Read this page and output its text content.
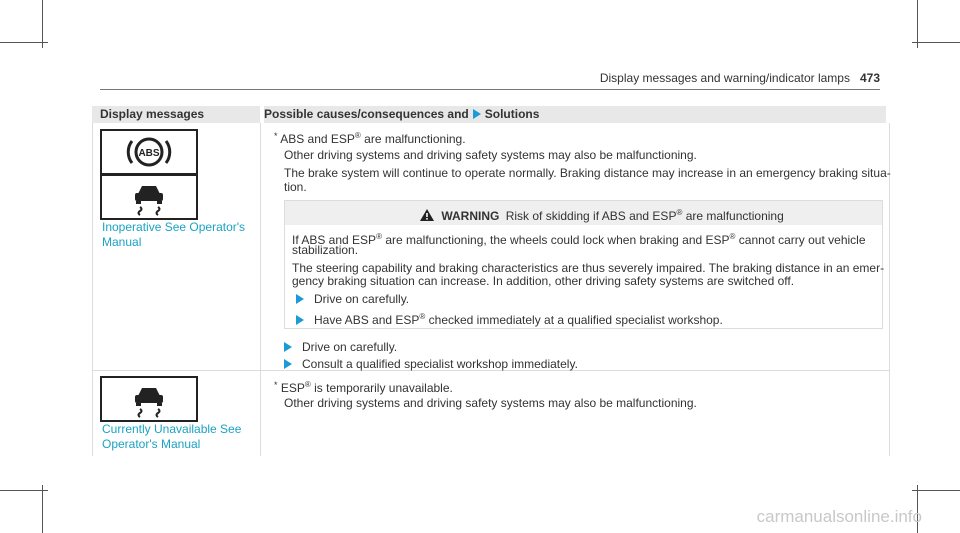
Display messages and warning/indicator lamps 473
Display messages	Possible causes/consequences and Solutions
ABS
Inoperative See Operator's
Manual
Currently Unavailable See
Operator's Manual
* ABS and ESP® are malfunctioning.
Other driving systems and driving safety systems may also be malfunctioning.
The brake system will continue to operate normally. Braking distance may increase in an emergency braking situa-
tion.
WARNING Risk of skidding if ABS and ESP® are malfunctioning
If ABS and ESP® are malfunctioning, the wheels could lock when braking and ESP® cannot carry out vehicle
stabilization.
The steering capability and braking characteristics are thus severely impaired. The braking distance in an emer-
gency braking situation can increase. In addition, other driving safety systems are switched off.
Drive on carefully.
Have ABS and ESP® checked immediately at a qualified specialist workshop.
Drive on carefully.
Consult a qualified specialist workshop immediately.
* ESP® is temporarily unavailable.
Other driving systems and driving safety systems may also be malfunctioning.
carmanualsonline.info
